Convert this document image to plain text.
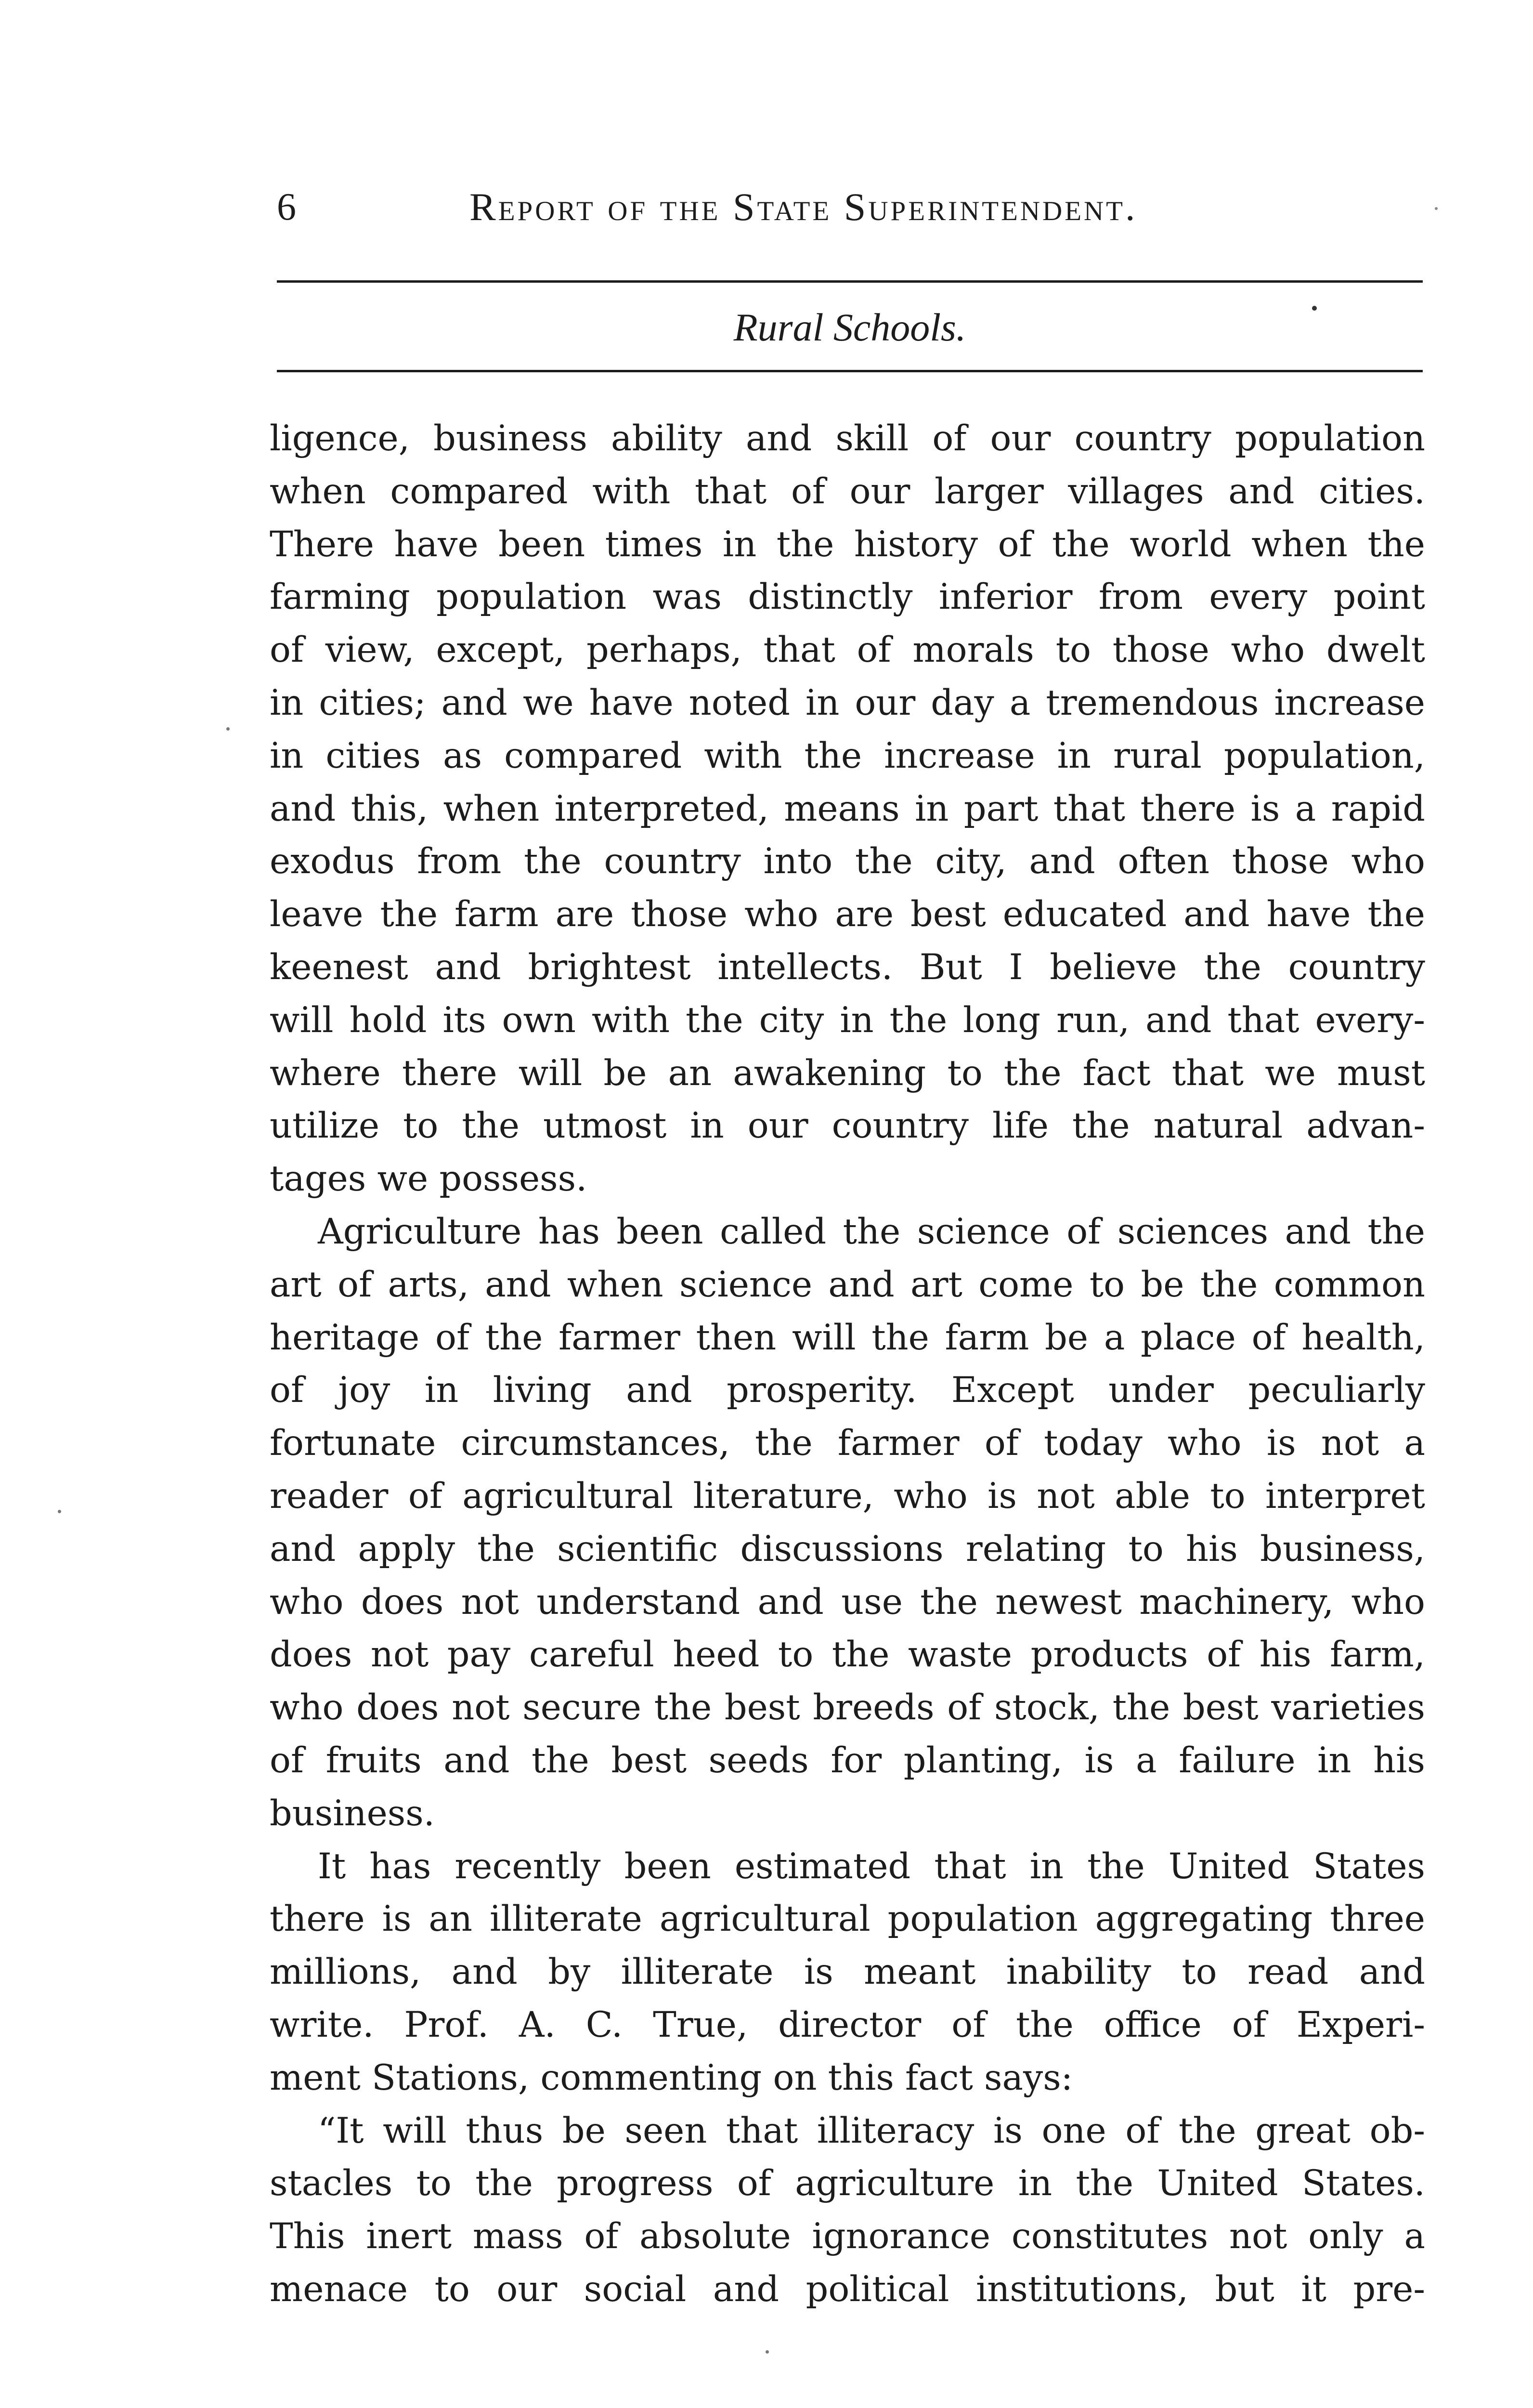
6	Report of the State Superintendent.
Rural Schools.
ligence, business ability and skill of our country population
when compared with that of our larger villages and cities.
There have been times in the history of the world when the
farming population was distinctly inferior from every point
of view, except, perhaps, that of morals to those who dwelt
in cities; and we have noted in our day a tremendous increase
in cities as compared with the increase in rural population,
and this, when interpreted, means in part that there is a rapid
exodus from the country into the city, and often those who
leave the farm are those who are best educated and have the
keenest and brightest intellects. But I believe the country
will hold its own with the city in the long run, and that every-
where there will be an awakening to the fact that we must
utilize to the utmost in our country life the natural advan-
tages we possess.
Agriculture has been called the science of sciences and the
art of arts, and when science and art come to be the common
heritage of the farmer then will the farm be a place of health,
of joy in living and prosperity. Except under peculiarly
fortunate circumstances, the farmer of today who is not a
reader of agricultural literature, who is not able to interpret
and apply the scientific discussions relating to his business,
who does not understand and use the newest machinery, who
does not pay careful heed to the waste products of his farm,
who does not secure the best breeds of stock, the best varieties
of fruits and the best seeds for planting, is a failure in his
business.
It has recently been estimated that in the United States
there is an illiterate agricultural population aggregating three
millions, and by illiterate is meant inability to read and
write. Prof. A. C. True, director of the office of Experi-
ment Stations, commenting on this fact says:
“It will thus be seen that illiteracy is one of the great ob-
stacles to the progress of agriculture in the United States.
This inert mass of absolute ignorance constitutes not only a
menace to our social and political institutions, but it pre-
